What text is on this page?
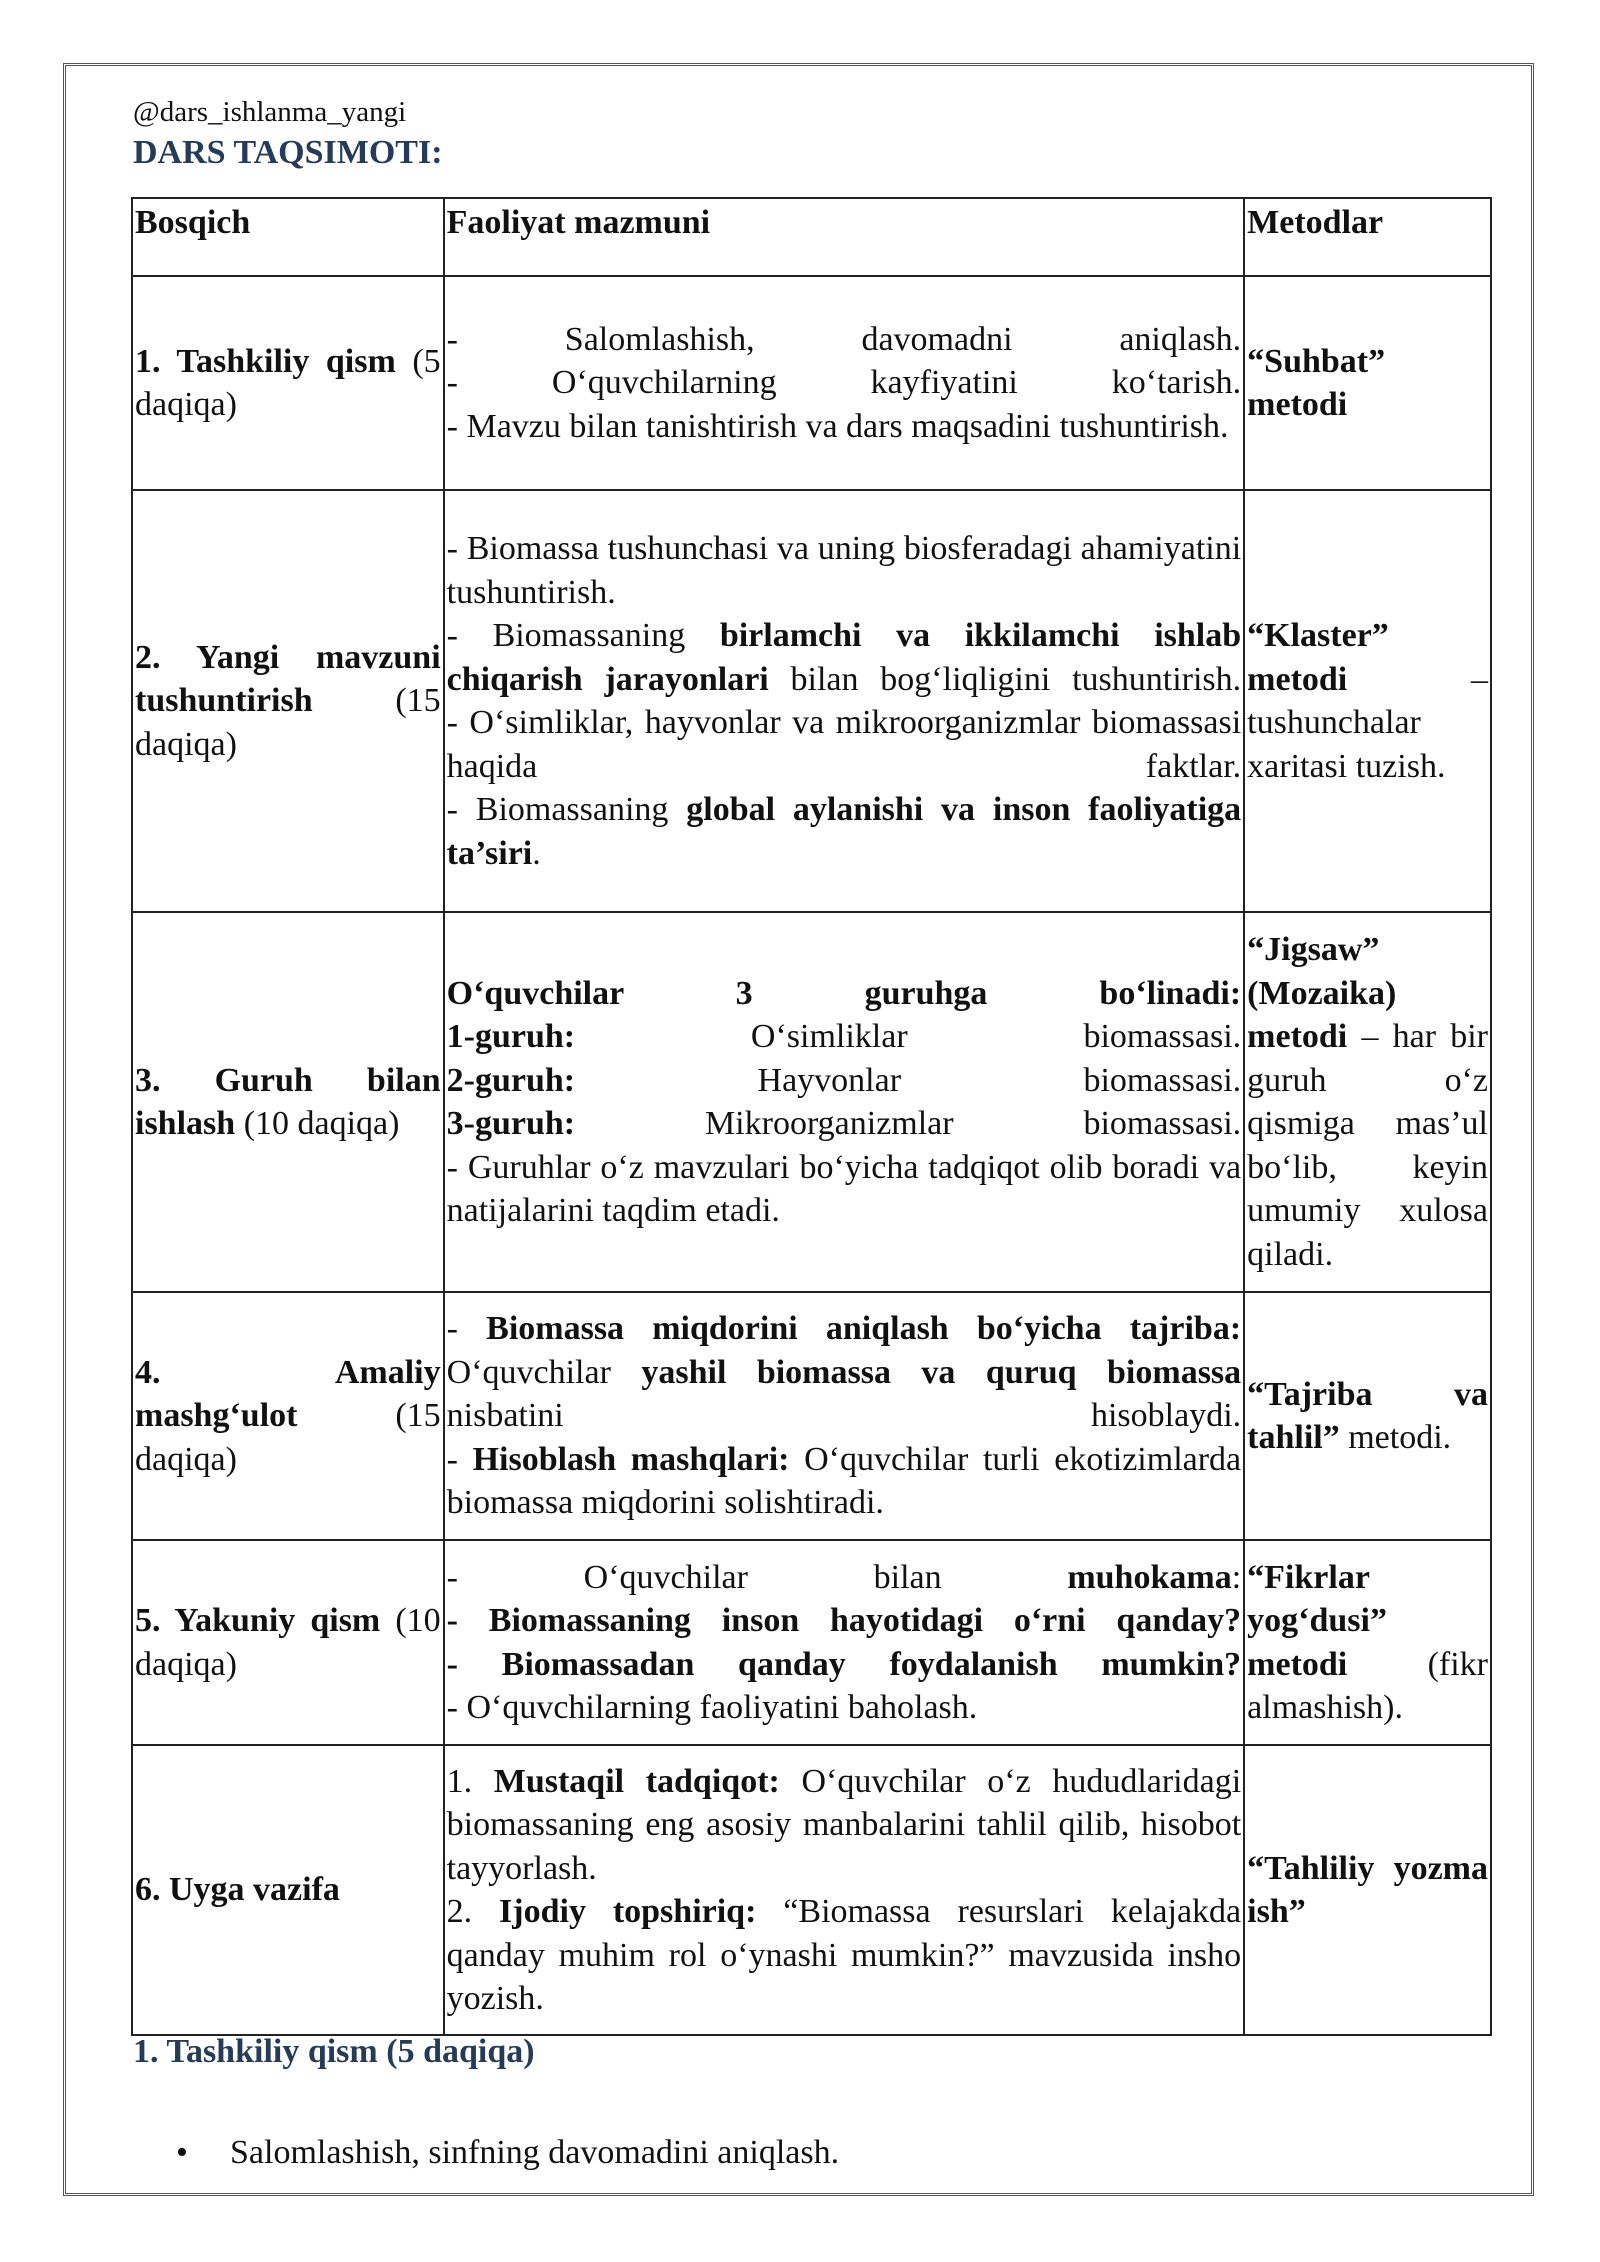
@dars_ishlanma_yangi
DARS TAQSIMOTI:
Bosqich	Faoliyat mazmuni	Metodlar
1. Tashkiliy qism (5 daqiqa)	- Salomlashish, davomadni aniqlash.
- O‘quvchilarning kayfiyatini ko‘tarish.
- Mavzu bilan tanishtirish va dars maqsadini tushuntirish.	“Suhbat” metodi
2. Yangi mavzuni tushuntirish (15 daqiqa)	- Biomassa tushunchasi va uning biosferadagi ahamiyatini tushuntirish.
- Biomassaning birlamchi va ikkilamchi ishlab chiqarish jarayonlari bilan bog‘liqligini tushuntirish.
- O‘simliklar, hayvonlar va mikroorganizmlar biomassasi haqida faktlar.
- Biomassaning global aylanishi va inson faoliyatiga ta’siri.	“Klaster” metodi – tushunchalar xaritasi tuzish.
3. Guruh bilan ishlash (10 daqiqa)	O‘quvchilar 3 guruhga bo‘linadi:
1-guruh: O‘simliklar biomassasi.
2-guruh: Hayvonlar biomassasi.
3-guruh: Mikroorganizmlar biomassasi.
- Guruhlar o‘z mavzulari bo‘yicha tadqiqot olib boradi va natijalarini taqdim etadi.	“Jigsaw” (Mozaika) metodi – har bir guruh o‘z qismiga mas’ul bo‘lib, keyin umumiy xulosa qiladi.
4. Amaliy mashg‘ulot (15 daqiqa)	- Biomassa miqdorini aniqlash bo‘yicha tajriba:
O‘quvchilar yashil biomassa va quruq biomassa nisbatini hisoblaydi.
- Hisoblash mashqlari: O‘quvchilar turli ekotizimlarda biomassa miqdorini solishtiradi.	“Tajriba va tahlil” metodi.
5. Yakuniy qism (10 daqiqa)	- O‘quvchilar bilan muhokama:
- Biomassaning inson hayotidagi o‘rni qanday?
- Biomassadan qanday foydalanish mumkin?
- O‘quvchilarning faoliyatini baholash.	“Fikrlar yog‘dusi” metodi (fikr almashish).
6. Uyga vazifa	1. Mustaqil tadqiqot: O‘quvchilar o‘z hududlaridagi biomassaning eng asosiy manbalarini tahlil qilib, hisobot tayyorlash.
2. Ijodiy topshiriq: “Biomassa resurslari kelajakda qanday muhim rol o‘ynashi mumkin?” mavzusida insho yozish.	“Tahliliy yozma ish”
1. Tashkiliy qism (5 daqiqa)
• Salomlashish, sinfning davomadini aniqlash.
